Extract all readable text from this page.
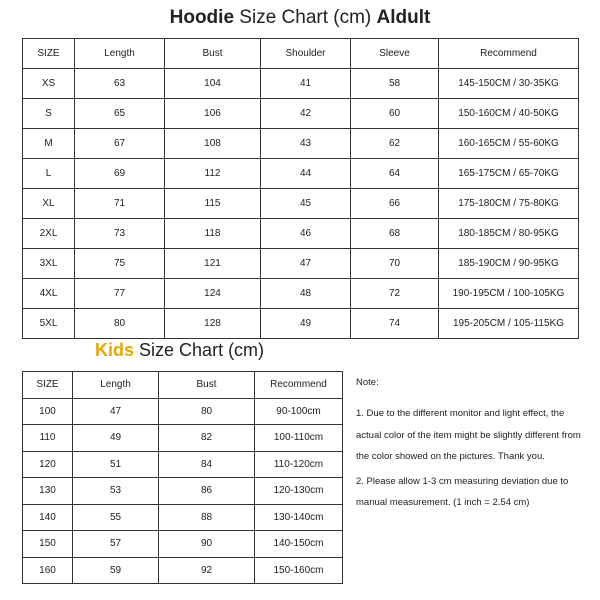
Hoodie Size Chart (cm) Aldult
SIZE	Length	Bust	Shoulder	Sleeve	Recommend
XS	63	104	41	58	145-150CM / 30-35KG
S	65	106	42	60	150-160CM / 40-50KG
M	67	108	43	62	160-165CM / 55-60KG
L	69	112	44	64	165-175CM / 65-70KG
XL	71	115	45	66	175-180CM / 75-80KG
2XL	73	118	46	68	180-185CM / 80-95KG
3XL	75	121	47	70	185-190CM / 90-95KG
4XL	77	124	48	72	190-195CM / 100-105KG
5XL	80	128	49	74	195-205CM / 105-115KG
Kids Size Chart (cm)
SIZE	Length	Bust	Recommend
100	47	80	90-100cm
110	49	82	100-110cm
120	51	84	110-120cm
130	53	86	120-130cm
140	55	88	130-140cm
150	57	90	140-150cm
160	59	92	150-160cm

Note:

1. Due to the different monitor and light effect, the actual color of the item might be slightly different from the color showed on the pictures. Thank you.

2. Please allow 1-3 cm measuring deviation due to manual measurement. (1 inch = 2.54 cm)
